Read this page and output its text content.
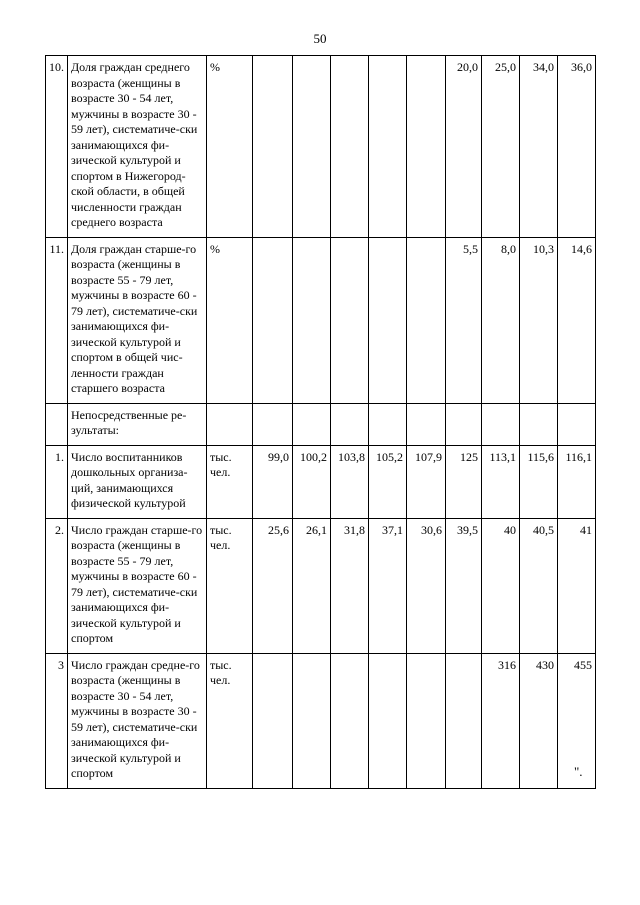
50
10.	Доля граждан среднего возраста (женщины в возрасте 30 - 54 лет, мужчины в возрасте 30 - 59 лет), систематиче-ски занимающихся фи-зической культурой и спортом в Нижегород-ской области, в общей численности граждан среднего возраста	%						20,0	25,0	34,0	36,0
11.	Доля граждан старше-го возраста (женщины в возрасте 55 - 79 лет, мужчины в возрасте 60 - 79 лет), систематиче-ски занимающихся фи-зической культурой и спортом в общей чис-ленности граждан старшего возраста	%						5,5	8,0	10,3	14,6
	Непосредственные ре-зультаты:										
1.	Число воспитанников дошкольных организа-ций, занимающихся физической культурой	тыс. чел.	99,0	100,2	103,8	105,2	107,9	125	113,1	115,6	116,1
2.	Число граждан старше-го возраста (женщины в возрасте 55 - 79 лет, мужчины в возрасте 60 - 79 лет), систематиче-ски занимающихся фи-зической культурой и спортом	тыс. чел.	25,6	26,1	31,8	37,1	30,6	39,5	40	40,5	41
3	Число граждан средне-го возраста (женщины в возрасте 30 - 54 лет, мужчины в возрасте 30 - 59 лет), систематиче-ски занимающихся фи-зической культурой и спортом	тыс. чел.							316	430	455
".
